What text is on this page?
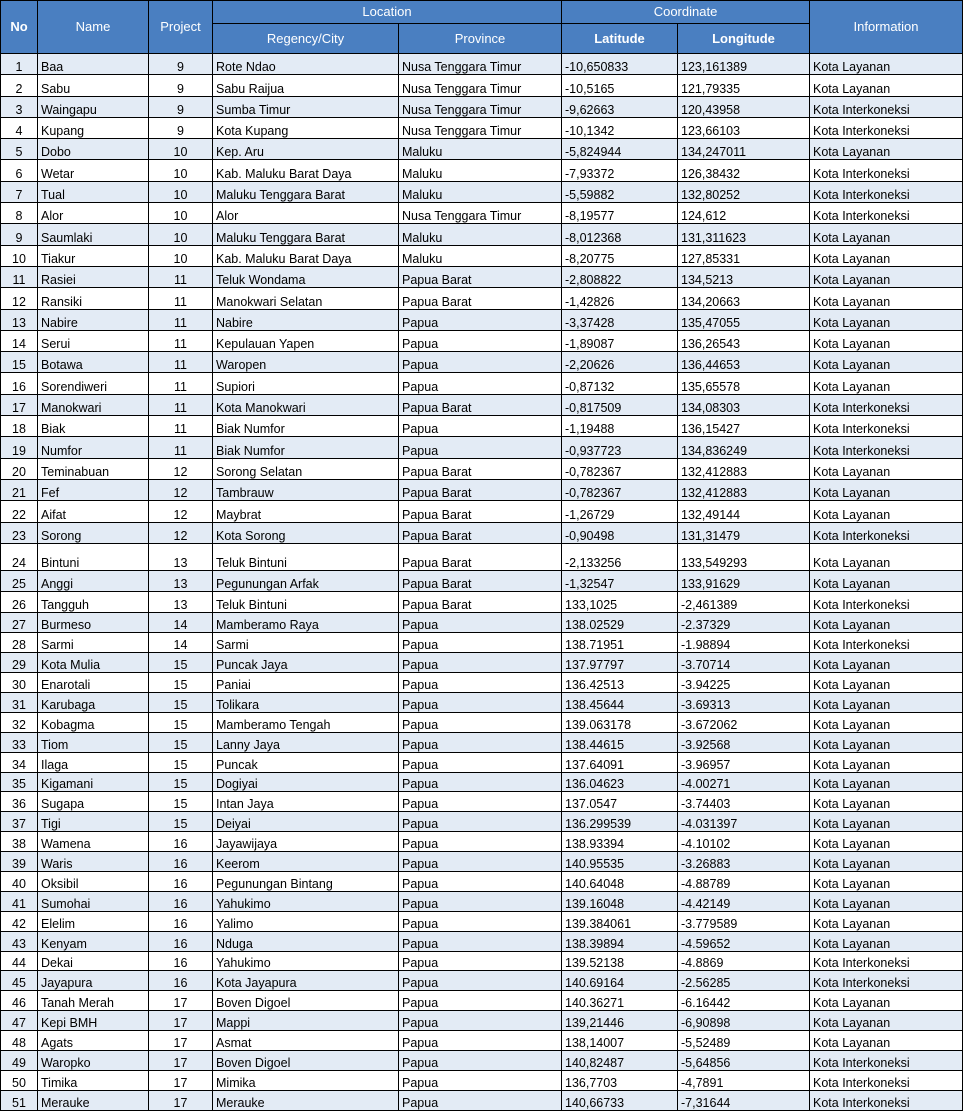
No	Name	Project	Location		Coordinate		Information
			Regency/City	Province	Latitude	Longitude	
1	Baa	9	Rote Ndao	Nusa Tenggara Timur	-10,650833	123,161389	Kota Layanan
2	Sabu	9	Sabu Raijua	Nusa Tenggara Timur	-10,5165	121,79335	Kota Layanan
3	Waingapu	9	Sumba Timur	Nusa Tenggara Timur	-9,62663	120,43958	Kota Interkoneksi
4	Kupang	9	Kota Kupang	Nusa Tenggara Timur	-10,1342	123,66103	Kota Interkoneksi
5	Dobo	10	Kep. Aru	Maluku	-5,824944	134,247011	Kota Layanan
6	Wetar	10	Kab. Maluku Barat Daya	Maluku	-7,93372	126,38432	Kota Interkoneksi
7	Tual	10	Maluku Tenggara Barat	Maluku	-5,59882	132,80252	Kota Interkoneksi
8	Alor	10	Alor	Nusa Tenggara Timur	-8,19577	124,612	Kota Interkoneksi
9	Saumlaki	10	Maluku Tenggara Barat	Maluku	-8,012368	131,311623	Kota Layanan
10	Tiakur	10	Kab. Maluku Barat Daya	Maluku	-8,20775	127,85331	Kota Layanan
11	Rasiei	11	Teluk Wondama	Papua Barat	-2,808822	134,5213	Kota Layanan
12	Ransiki	11	Manokwari Selatan	Papua Barat	-1,42826	134,20663	Kota Layanan
13	Nabire	11	Nabire	Papua	-3,37428	135,47055	Kota Layanan
14	Serui	11	Kepulauan Yapen	Papua	-1,89087	136,26543	Kota Layanan
15	Botawa	11	Waropen	Papua	-2,20626	136,44653	Kota Layanan
16	Sorendiweri	11	Supiori	Papua	-0,87132	135,65578	Kota Layanan
17	Manokwari	11	Kota Manokwari	Papua Barat	-0,817509	134,08303	Kota Interkoneksi
18	Biak	11	Biak Numfor	Papua	-1,19488	136,15427	Kota Interkoneksi
19	Numfor	11	Biak Numfor	Papua	-0,937723	134,836249	Kota Interkoneksi
20	Teminabuan	12	Sorong Selatan	Papua Barat	-0,782367	132,412883	Kota Layanan
21	Fef	12	Tambrauw	Papua Barat	-0,782367	132,412883	Kota Layanan
22	Aifat	12	Maybrat	Papua Barat	-1,26729	132,49144	Kota Layanan
23	Sorong	12	Kota Sorong	Papua Barat	-0,90498	131,31479	Kota Interkoneksi
24	Bintuni	13	Teluk Bintuni	Papua Barat	-2,133256	133,549293	Kota Layanan
25	Anggi	13	Pegunungan Arfak	Papua Barat	-1,32547	133,91629	Kota Layanan
26	Tangguh	13	Teluk Bintuni	Papua Barat	133,1025	-2,461389	Kota Interkoneksi
27	Burmeso	14	Mamberamo Raya	Papua	138.02529	-2.37329	Kota Layanan
28	Sarmi	14	Sarmi	Papua	138.71951	-1.98894	Kota Interkoneksi
29	Kota Mulia	15	Puncak Jaya	Papua	137.97797	-3.70714	Kota Layanan
30	Enarotali	15	Paniai	Papua	136.42513	-3.94225	Kota Layanan
31	Karubaga	15	Tolikara	Papua	138.45644	-3.69313	Kota Layanan
32	Kobagma	15	Mamberamo Tengah	Papua	139.063178	-3.672062	Kota Layanan
33	Tiom	15	Lanny Jaya	Papua	138.44615	-3.92568	Kota Layanan
34	Ilaga	15	Puncak	Papua	137.64091	-3.96957	Kota Layanan
35	Kigamani	15	Dogiyai	Papua	136.04623	-4.00271	Kota Layanan
36	Sugapa	15	Intan Jaya	Papua	137.0547	-3.74403	Kota Layanan
37	Tigi	15	Deiyai	Papua	136.299539	-4.031397	Kota Layanan
38	Wamena	16	Jayawijaya	Papua	138.93394	-4.10102	Kota Layanan
39	Waris	16	Keerom	Papua	140.95535	-3.26883	Kota Layanan
40	Oksibil	16	Pegunungan Bintang	Papua	140.64048	-4.88789	Kota Layanan
41	Sumohai	16	Yahukimo	Papua	139.16048	-4.42149	Kota Layanan
42	Elelim	16	Yalimo	Papua	139.384061	-3.779589	Kota Layanan
43	Kenyam	16	Nduga	Papua	138.39894	-4.59652	Kota Layanan
44	Dekai	16	Yahukimo	Papua	139.52138	-4.8869	Kota Interkoneksi
45	Jayapura	16	Kota Jayapura	Papua	140.69164	-2.56285	Kota Interkoneksi
46	Tanah Merah	17	Boven Digoel	Papua	140.36271	-6.16442	Kota Layanan
47	Kepi BMH	17	Mappi	Papua	139,21446	-6,90898	Kota Layanan
48	Agats	17	Asmat	Papua	138,14007	-5,52489	Kota Layanan
49	Waropko	17	Boven Digoel	Papua	140,82487	-5,64856	Kota Interkoneksi
50	Timika	17	Mimika	Papua	136,7703	-4,7891	Kota Interkoneksi
51	Merauke	17	Merauke	Papua	140,66733	-7,31644	Kota Interkoneksi
